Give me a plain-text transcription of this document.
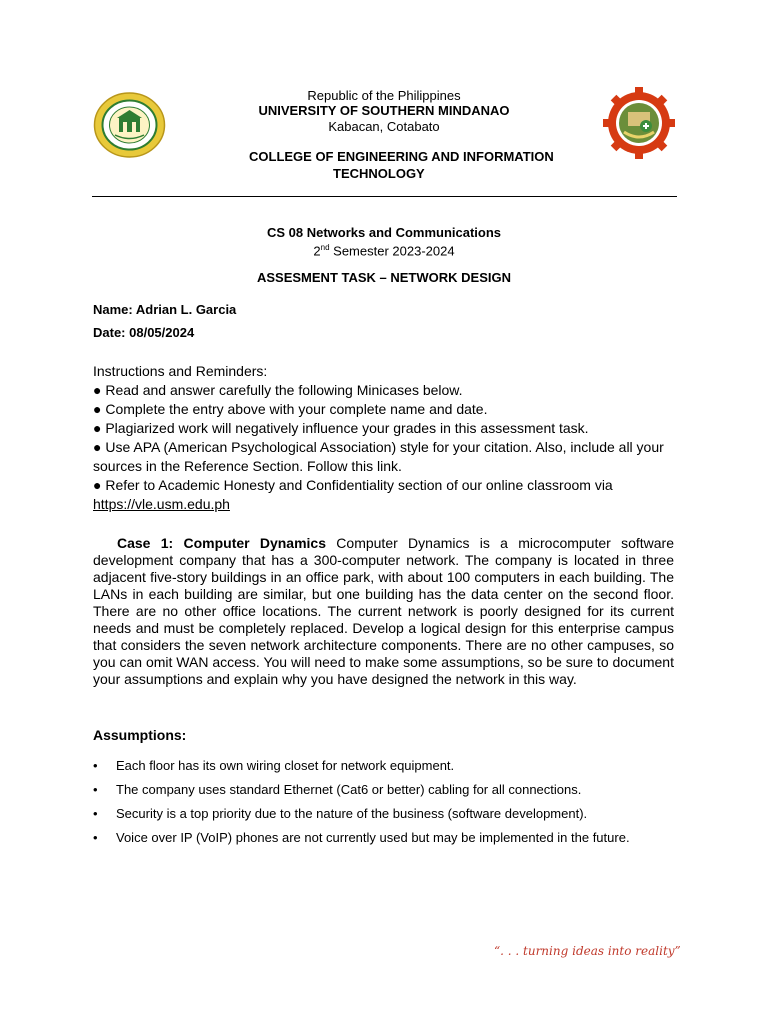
Republic of the Philippines
UNIVERSITY OF SOUTHERN MINDANAO
Kabacan, Cotabato
COLLEGE OF ENGINEERING AND INFORMATION
TECHNOLOGY
CS 08 Networks and Communications
2nd Semester 2023-2024
ASSESMENT TASK – NETWORK DESIGN
Name: Adrian L. Garcia
Date: 08/05/2024
Instructions and Reminders:
● Read and answer carefully the following Minicases below.
● Complete the entry above with your complete name and date.
● Plagiarized work will negatively influence your grades in this assessment task.
● Use APA (American Psychological Association) style for your citation. Also, include all your sources in the Reference Section. Follow this link.
● Refer to Academic Honesty and Confidentiality section of our online classroom via
https://vle.usm.edu.ph
Case 1: Computer Dynamics Computer Dynamics is a microcomputer software development company that has a 300-computer network. The company is located in three adjacent five-story buildings in an office park, with about 100 computers in each building. The LANs in each building are similar, but one building has the data center on the second floor. There are no other office locations. The current network is poorly designed for its current needs and must be completely replaced. Develop a logical design for this enterprise campus that considers the seven network architecture components. There are no other campuses, so you can omit WAN access. You will need to make some assumptions, so be sure to document your assumptions and explain why you have designed the network in this way.
Assumptions:
• Each floor has its own wiring closet for network equipment.
• The company uses standard Ethernet (Cat6 or better) cabling for all connections.
• Security is a top priority due to the nature of the business (software development).
• Voice over IP (VoIP) phones are not currently used but may be implemented in the future.
“. . . turning ideas into reality”
